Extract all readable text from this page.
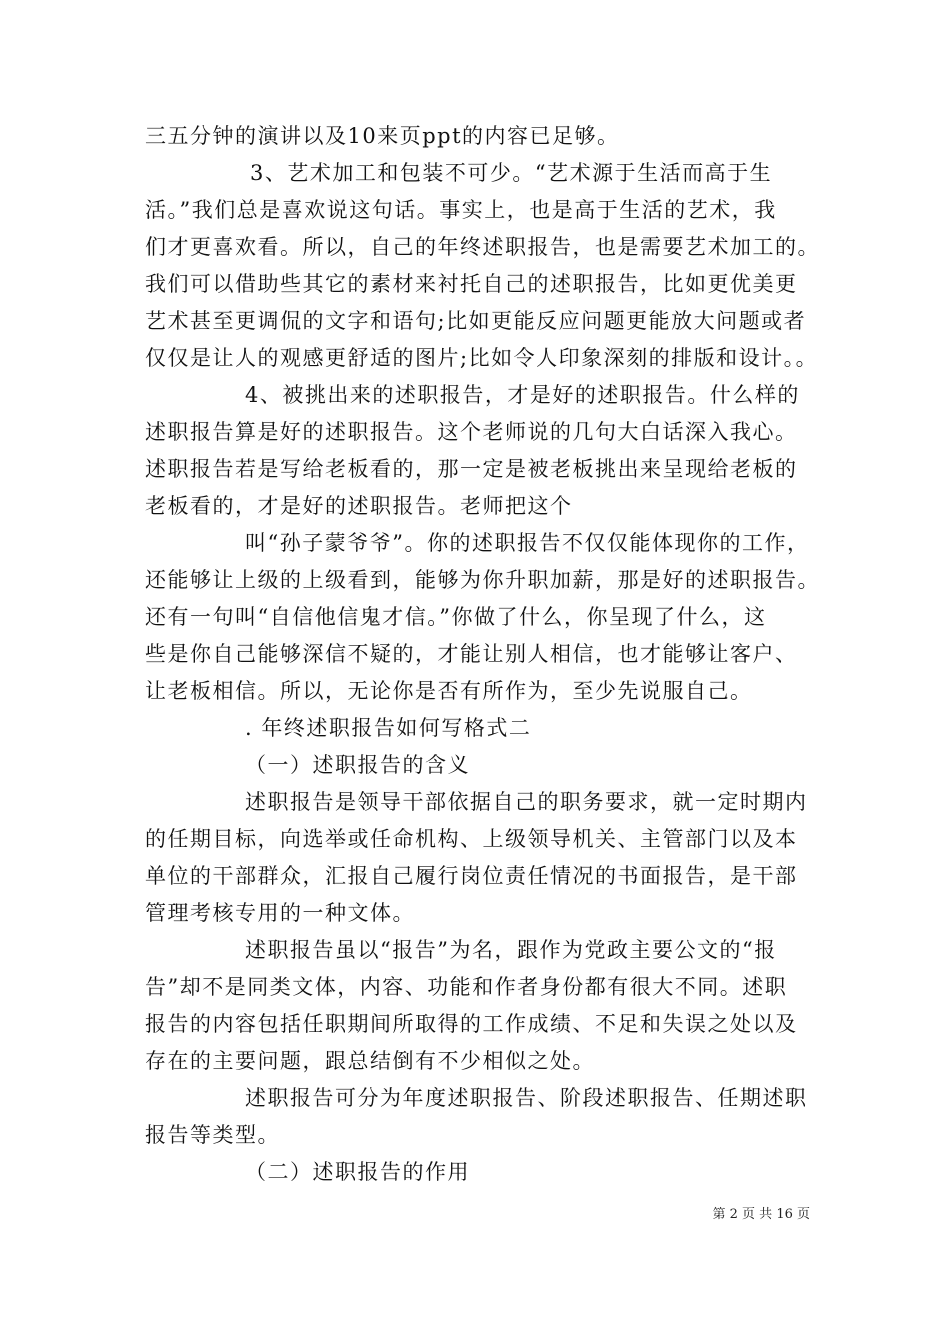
三五分钟的演讲以及10来页ppt的内容已足够。
3、艺术加工和包装不可少。“艺术源于生活而高于生
活。”我们总是喜欢说这句话。事实上，也是高于生活的艺术，我
们才更喜欢看。所以，自己的年终述职报告，也是需要艺术加工的。
我们可以借助些其它的素材来衬托自己的述职报告，比如更优美更
艺术甚至更调侃的文字和语句;比如更能反应问题更能放大问题或者
仅仅是让人的观感更舒适的图片;比如令人印象深刻的排版和设计。。
4、被挑出来的述职报告，才是好的述职报告。什么样的
述职报告算是好的述职报告。这个老师说的几句大白话深入我心。
述职报告若是写给老板看的，那一定是被老板挑出来呈现给老板的
老板看的，才是好的述职报告。老师把这个
叫“孙子蒙爷爷”。你的述职报告不仅仅能体现你的工作，
还能够让上级的上级看到，能够为你升职加薪，那是好的述职报告。
还有一句叫“自信他信鬼才信。”你做了什么，你呈现了什么，这
些是你自己能够深信不疑的，才能让别人相信，也才能够让客户、
让老板相信。所以，无论你是否有所作为，至少先说服自己。
. 年终述职报告如何写格式二
（一）述职报告的含义
述职报告是领导干部依据自己的职务要求，就一定时期内
的任期目标，向选举或任命机构、上级领导机关、主管部门以及本
单位的干部群众，汇报自己履行岗位责任情况的书面报告，是干部
管理考核专用的一种文体。
述职报告虽以“报告”为名，跟作为党政主要公文的“报
告”却不是同类文体，内容、功能和作者身份都有很大不同。述职
报告的内容包括任职期间所取得的工作成绩、不足和失误之处以及
存在的主要问题，跟总结倒有不少相似之处。
述职报告可分为年度述职报告、阶段述职报告、任期述职
报告等类型。
（二）述职报告的作用
第 2 页 共 16 页
